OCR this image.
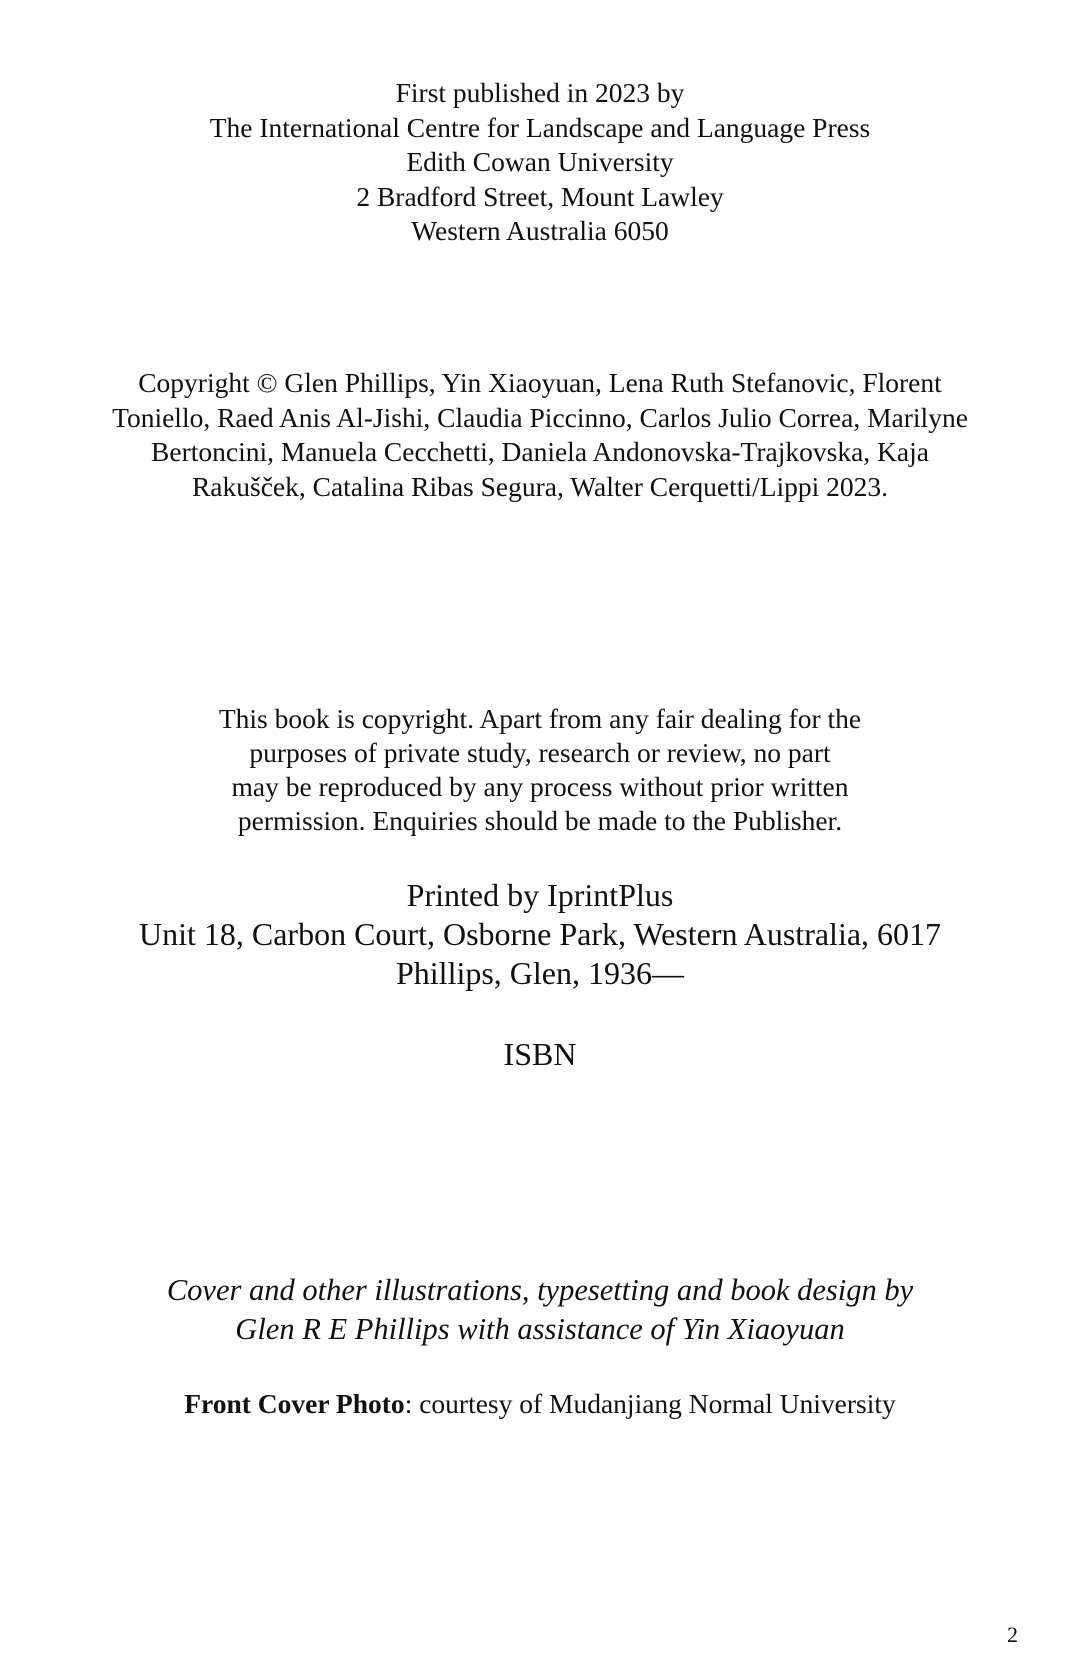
First published in 2023 by
The International Centre for Landscape and Language Press
Edith Cowan University
2 Bradford Street, Mount Lawley
Western Australia 6050
Copyright © Glen Phillips, Yin Xiaoyuan, Lena Ruth Stefanovic, Florent
Toniello, Raed Anis Al-Jishi, Claudia Piccinno, Carlos Julio Correa, Marilyne
Bertoncini, Manuela Cecchetti, Daniela Andonovska-Trajkovska, Kaja
Rakuščеk, Catalina Ribas Segura, Walter Cerquetti/Lippi 2023.
This book is copyright. Apart from any fair dealing for the
purposes of private study, research or review, no part
may be reproduced by any process without prior written
permission. Enquiries should be made to the Publisher.
Printed by IprintPlus
Unit 18, Carbon Court, Osborne Park, Western Australia, 6017
Phillips, Glen, 1936—
ISBN
Cover and other illustrations, typesetting and book design by
Glen R E Phillips with assistance of Yin Xiaoyuan
Front Cover Photo: courtesy of Mudanjiang Normal University
2
